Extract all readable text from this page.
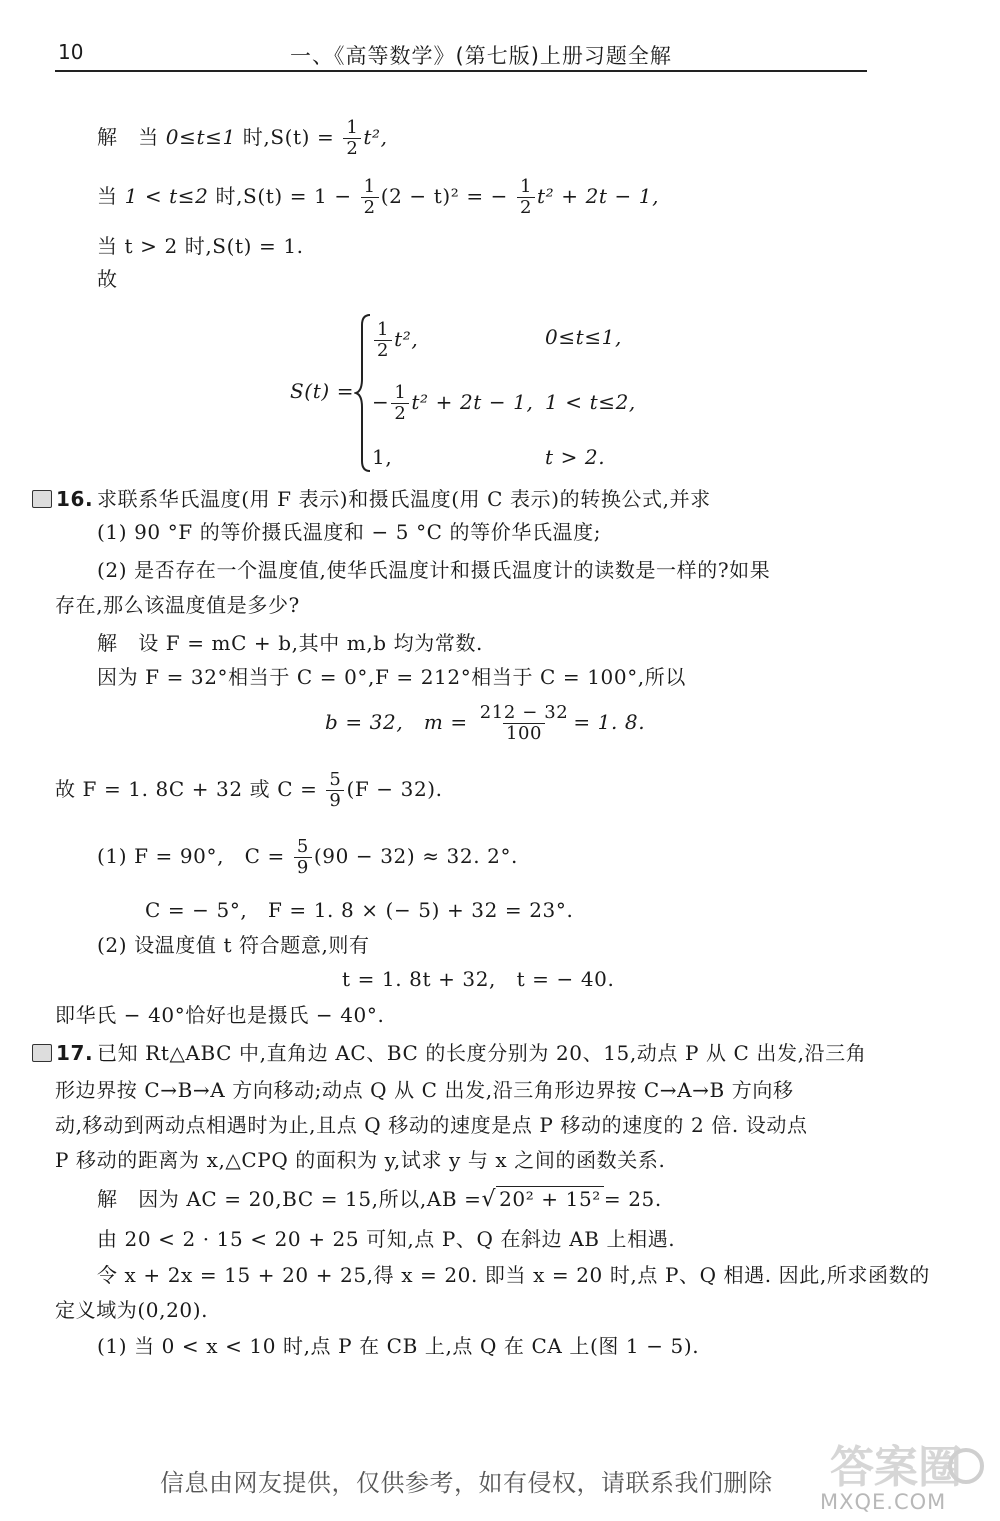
10	一、《高等数学》(第七版)上册习题全解
解　当 0≤t≤1 时$,S(t) = \frac{1}{2} t^2$,
当 1 < t≤2 时$,S(t) = 1 - \frac{1}{2} (2 - t)^2$ = − $\frac{1}{2} t^2 + 2t - 1$,
当 t > 2 时,S(t) = 1.
故
S(t) =
$\frac{1}{2} t^2$,	0≤t≤1,
− $\frac{1}{2} t^2 + 2t - 1$, 1 < t≤2,
1,	t > 2.
16. 求联系华氏温度(用 F 表示)和摄氏温度(用 C 表示)的转换公式,并求
(1) 90 °F 的等价摄氏温度和 − 5 °C 的等价华氏温度;
(2) 是否存在一个温度值,使华氏温度计和摄氏温度计的读数是一样的?如果
存在,那么该温度值是多少?
解　设 F = mC + b,其中 m,b 均为常数.
因为 F = 32°相当于 C = 0°,F = 212°相当于 C = 100°,所以
b = 32,　$m = \frac{212 - 32}{100} = 1$. 8.
故 F = 1. 8C + 32 或 $C = \frac{5}{9} (F - 32)$.
(1) F = 90°,　$C = \frac{5}{9} (90 - 32) \approx 32$. 2°.
C = − 5°,　F = 1. 8 × (− 5) + 32 = 23°.
(2) 设温度值 t 符合题意,则有
t = 1. 8t + 32,　t = − 40.
即华氏 − 40°恰好也是摄氏 − 40°.
17. 已知 Rt△ABC 中,直角边 AC、BC 的长度分别为 20、15,动点 P 从 C 出发,沿三角
形边界按 C→B→A 方向移动;动点 Q 从 C 出发,沿三角形边界按 C→A→B 方向移
动,移动到两动点相遇时为止,且点 Q 移动的速度是点 P 移动的速度的 2 倍. 设动点
P 移动的距离为 x,△CPQ 的面积为 y,试求 y 与 x 之间的函数关系.
解　因为 AC = 20,BC = 15,所以,AB =√ 20² + 15² = 25.
由 20 < 2 · 15 < 20 + 25 可知,点 P、Q 在斜边 AB 上相遇.
令 x + 2x = 15 + 20 + 25,得 x = 20. 即当 x = 20 时,点 P、Q 相遇. 因此,所求函数的
定义域为(0,20).
(1) 当 0 < x < 10 时,点 P 在 CB 上,点 Q 在 CA 上(图 1 − 5).
信息由网友提供，仅供参考，如有侵权，请联系我们删除 答案圈
MXQE.COM
